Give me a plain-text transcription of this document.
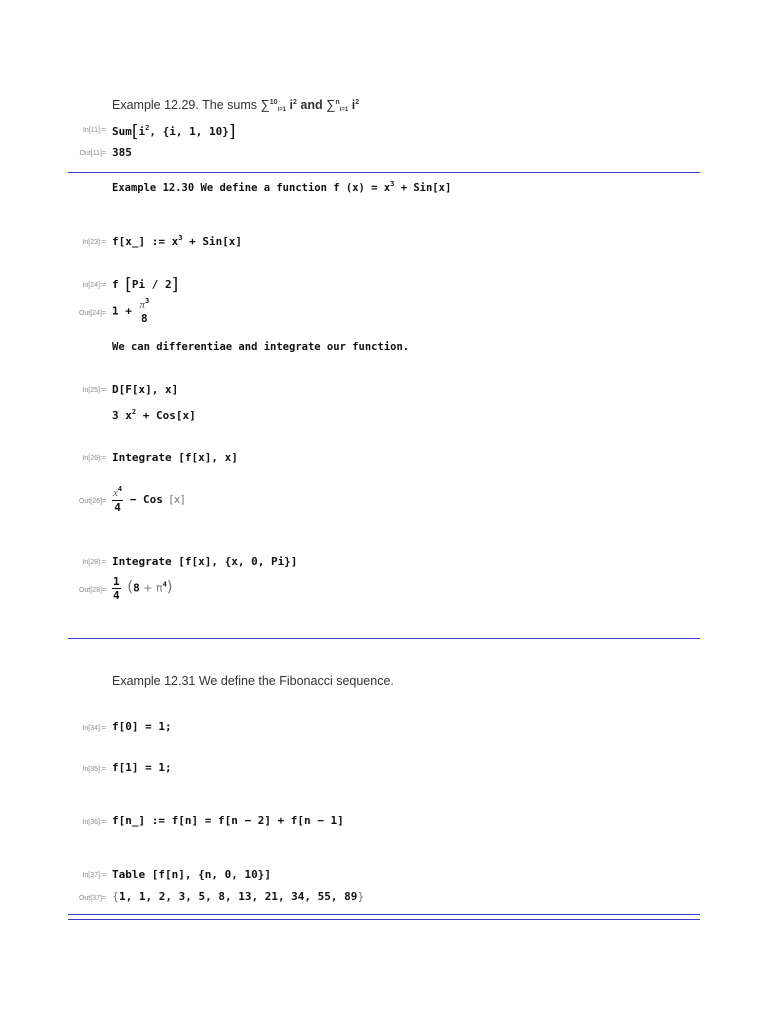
Example 12.29. The sums ∑$^{10}_{i=1}$ $i^2$ and ∑$^n_{i=1}$ $i^2$
In[11]:= $Sum[i^2$, {i, 1, 10}]
Out[11]= 385
Example 12.30 We define a function f $(x) = x^3 + Sin[x]$
In[23]:= f[x_] := $x^3 + Sin[x]$
In[24]:= f [Pi / 2]
$Out[24]= 1 + \pi^3$
8
We can differentiae and integrate our function.
In[25]:= D[F[x], x]
3 $x^2 + Cos[x]$
In[26]:= Integrate [f[x], x]
$Out[26]= \frac{x^4}{4}$ − Cos [x]
In[28]:= Integrate [f[x], {x, 0, Pi}]
$Out[28]= \frac{1}{4} (8 + \pi^4)$
Example 12.31 We define the Fibonacci sequence.
In[34]:= f[0] = 1;
In[35]:= f[1] = 1;
In[36]:= f[n_] := f[n] = f[n − 2] + f[n − 1]
In[37]:= Table [f[n], {n, 0, 10}]
Out[37]= {1, 1, 2, 3, 5, 8, 13, 21, 34, 55, 89}
